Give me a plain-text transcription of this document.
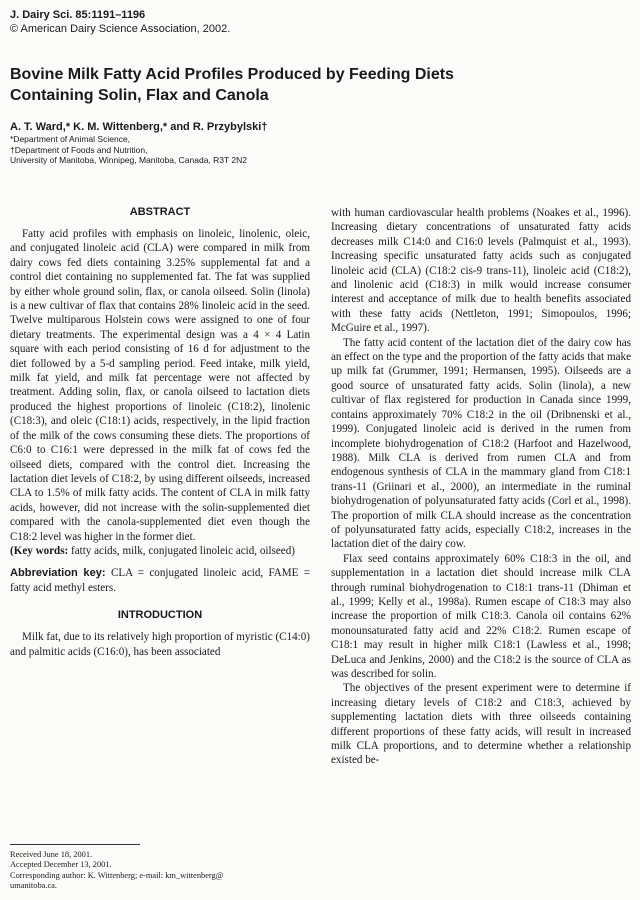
J. Dairy Sci. 85:1191–1196
© American Dairy Science Association, 2002.
Bovine Milk Fatty Acid Profiles Produced by Feeding Diets
Containing Solin, Flax and Canola
A. T. Ward,* K. M. Wittenberg,* and R. Przybylski†
*Department of Animal Science,
†Department of Foods and Nutrition,
University of Manitoba, Winnipeg, Manitoba, Canada, R3T 2N2
ABSTRACT

Fatty acid profiles with emphasis on linoleic, linolenic, oleic, and conjugated linoleic acid (CLA) were compared in milk from dairy cows fed diets containing 3.25% supplemental fat and a control diet containing no supplemented fat. The fat was supplied by either whole ground solin, flax, or canola oilseed. Solin (linola) is a new cultivar of flax that contains 28% linoleic acid in the seed. Twelve multiparous Holstein cows were assigned to one of four dietary treatments. The experimental design was a 4 × 4 Latin square with each period consisting of 16 d for adjustment to the diet followed by a 5-d sampling period. Feed intake, milk yield, milk fat yield, and milk fat percentage were not affected by treatment. Adding solin, flax, or canola oilseed to lactation diets produced the highest proportions of linoleic (C18:2), linolenic (C18:3), and oleic (C18:1) acids, respectively, in the lipid fraction of the milk of the cows consuming these diets. The proportions of C6:0 to C16:1 were depressed in the milk fat of cows fed the oilseed diets, compared with the control diet. Increasing the lactation diet levels of C18:2, by using different oilseeds, increased CLA to 1.5% of milk fatty acids. The content of CLA in milk fatty acids, however, did not increase with the solin-supplemented diet compared with the canola-supplemented diet even though the C18:2 level was higher in the former diet.

(Key words: fatty acids, milk, conjugated linoleic acid, oilseed)

Abbreviation key: CLA = conjugated linoleic acid, FAME = fatty acid methyl esters.

INTRODUCTION

Milk fat, due to its relatively high proportion of myristic (C14:0) and palmitic acids (C16:0), has been associated

with human cardiovascular health problems (Noakes et al., 1996). Increasing dietary concentrations of unsaturated fatty acids decreases milk C14:0 and C16:0 levels (Palmquist et al., 1993). Increasing specific unsaturated fatty acids such as conjugated linoleic acid (CLA) (C18:2 cis-9 trans-11), linoleic acid (C18:2), and linolenic acid (C18:3) in milk would increase consumer interest and acceptance of milk due to health benefits associated with these fatty acids (Nettleton, 1991; Simopoulos, 1996; McGuire et al., 1997).

The fatty acid content of the lactation diet of the dairy cow has an effect on the type and the proportion of the fatty acids that make up milk fat (Grummer, 1991; Hermansen, 1995). Oilseeds are a good source of unsaturated fatty acids. Solin (linola), a new cultivar of flax registered for production in Canada since 1999, contains approximately 70% C18:2 in the oil (Dribnenski et al., 1999). Conjugated linoleic acid is derived in the rumen from incomplete biohydrogenation of C18:2 (Harfoot and Hazelwood, 1988). Milk CLA is derived from rumen CLA and from endogenous synthesis of CLA in the mammary gland from C18:1 trans-11 (Griinari et al., 2000), an intermediate in the ruminal biohydrogenation of polyunsaturated fatty acids (Corl et al., 1998). The proportion of milk CLA should increase as the concentration of polyunsaturated fatty acids, especially C18:2, increases in the lactation diet of the dairy cow.

Flax seed contains approximately 60% C18:3 in the oil, and supplementation in a lactation diet should increase milk CLA through ruminal biohydrogenation to C18:1 trans-11 (Dhiman et al., 1999; Kelly et al., 1998a). Rumen escape of C18:3 may also increase the proportion of milk C18:3. Canola oil contains 62% monounsaturated fatty acid and 22% C18:2. Rumen escape of C18:1 may result in higher milk C18:1 (Lawless et al., 1998; DeLuca and Jenkins, 2000) and the C18:2 is the source of CLA as was described for solin.

The objectives of the present experiment were to determine if increasing dietary levels of C18:2 and C18:3, achieved by supplementing lactation diets with three oilseeds containing different proportions of these fatty acids, will result in increased milk CLA proportions, and to determine whether a relationship existed be-

Received June 18, 2001.
Accepted December 13, 2001.
Corresponding author: K. Wittenberg; e-mail: km_wittenberg@
umanitoba.ca.
